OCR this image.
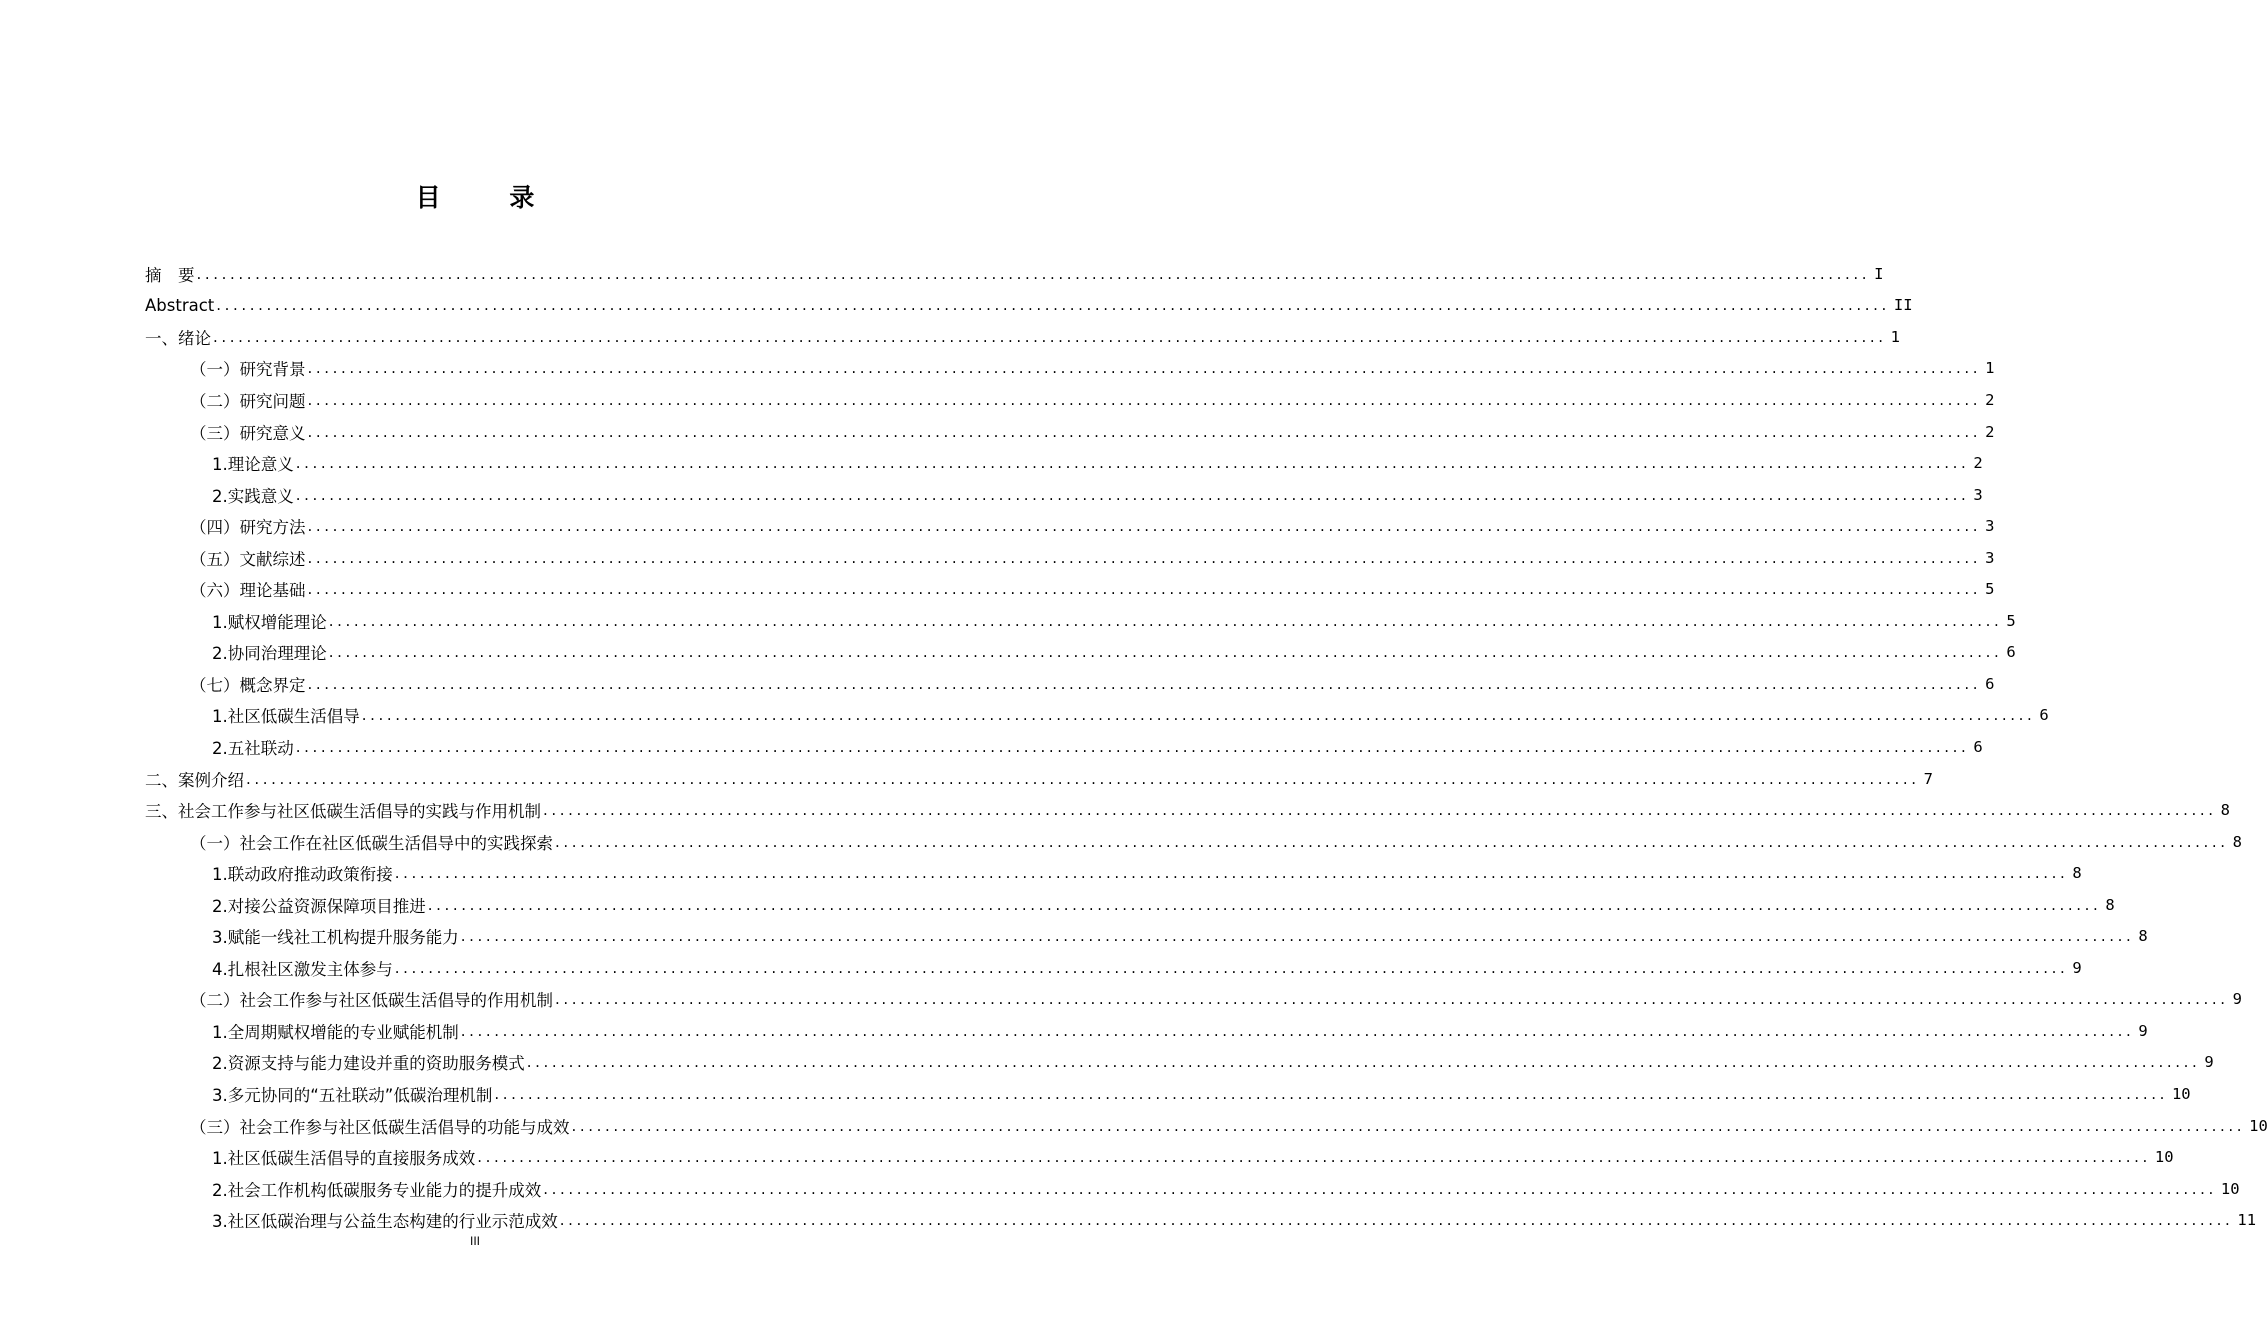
目 录
摘　要 ........................................................................................................................................................................................................ I
Abstract ........................................................................................................................................................................................................ II
一、绪论 ........................................................................................................................................................................................................ 1
（一）研究背景 ........................................................................................................................................................................................................ 1
（二）研究问题 ........................................................................................................................................................................................................ 2
（三）研究意义 ........................................................................................................................................................................................................ 2
1.理论意义 ........................................................................................................................................................................................................ 2
2.实践意义 ........................................................................................................................................................................................................ 3
（四）研究方法 ........................................................................................................................................................................................................ 3
（五）文献综述 ........................................................................................................................................................................................................ 3
（六）理论基础 ........................................................................................................................................................................................................ 5
1.赋权增能理论 ........................................................................................................................................................................................................ 5
2.协同治理理论 ........................................................................................................................................................................................................ 6
（七）概念界定 ........................................................................................................................................................................................................ 6
1.社区低碳生活倡导 ........................................................................................................................................................................................................ 6
2.五社联动 ........................................................................................................................................................................................................ 6
二、案例介绍 ........................................................................................................................................................................................................ 7
三、社会工作参与社区低碳生活倡导的实践与作用机制 ........................................................................................................................................................................................................ 8
（一）社会工作在社区低碳生活倡导中的实践探索 ........................................................................................................................................................................................................ 8
1.联动政府推动政策衔接 ........................................................................................................................................................................................................ 8
2.对接公益资源保障项目推进 ........................................................................................................................................................................................................ 8
3.赋能一线社工机构提升服务能力 ........................................................................................................................................................................................................ 8
4.扎根社区激发主体参与 ........................................................................................................................................................................................................ 9
（二）社会工作参与社区低碳生活倡导的作用机制 ........................................................................................................................................................................................................ 9
1.全周期赋权增能的专业赋能机制 ........................................................................................................................................................................................................ 9
2.资源支持与能力建设并重的资助服务模式 ........................................................................................................................................................................................................ 9
3.多元协同的“五社联动”低碳治理机制 ........................................................................................................................................................................................................ 10
（三）社会工作参与社区低碳生活倡导的功能与成效 ........................................................................................................................................................................................................ 10
1.社区低碳生活倡导的直接服务成效 ........................................................................................................................................................................................................ 10
2.社会工作机构低碳服务专业能力的提升成效 ........................................................................................................................................................................................................ 10
3.社区低碳治理与公益生态构建的行业示范成效 ........................................................................................................................................................................................................ 11
III
